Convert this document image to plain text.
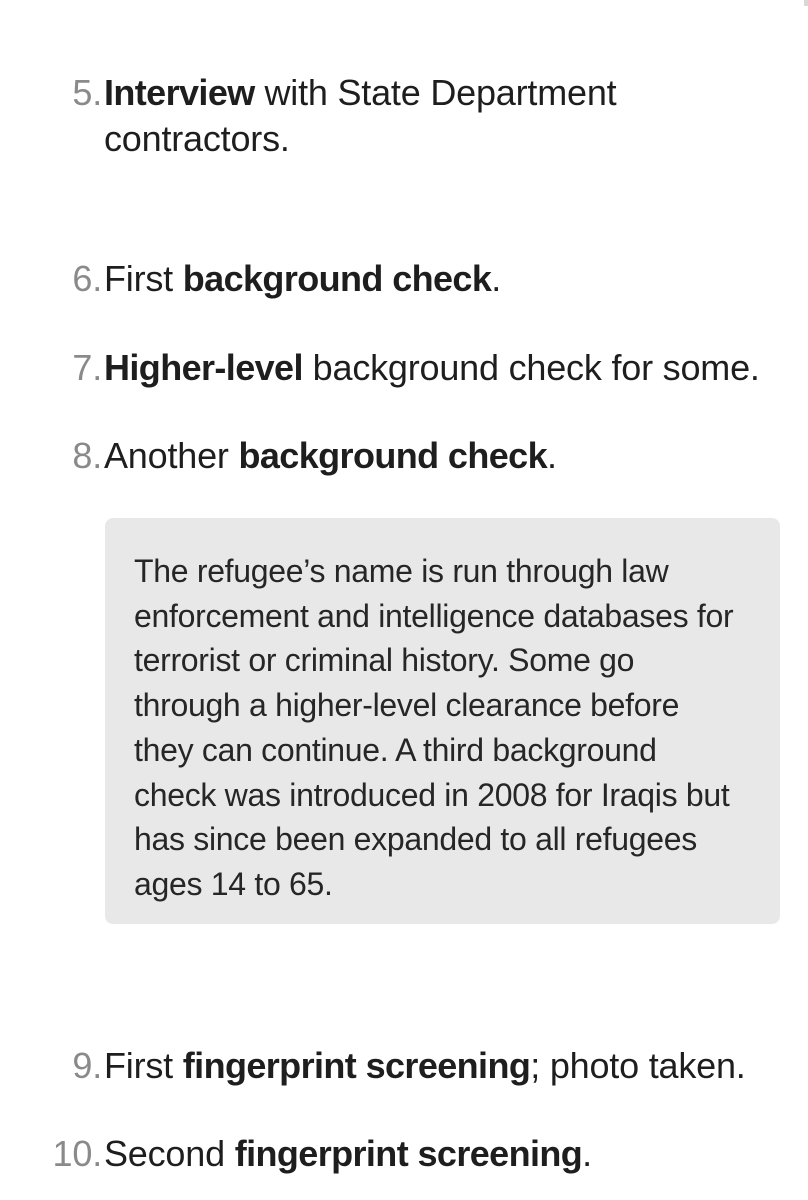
5. Interview with State Department contractors.
6. First background check.
7. Higher-level background check for some.
8. Another background check.
The refugee’s name is run through law enforcement and intelligence databases for terrorist or criminal history. Some go through a higher-level clearance before they can continue. A third background check was introduced in 2008 for Iraqis but has since been expanded to all refugees ages 14 to 65.
9. First fingerprint screening; photo taken.
10. Second fingerprint screening.
